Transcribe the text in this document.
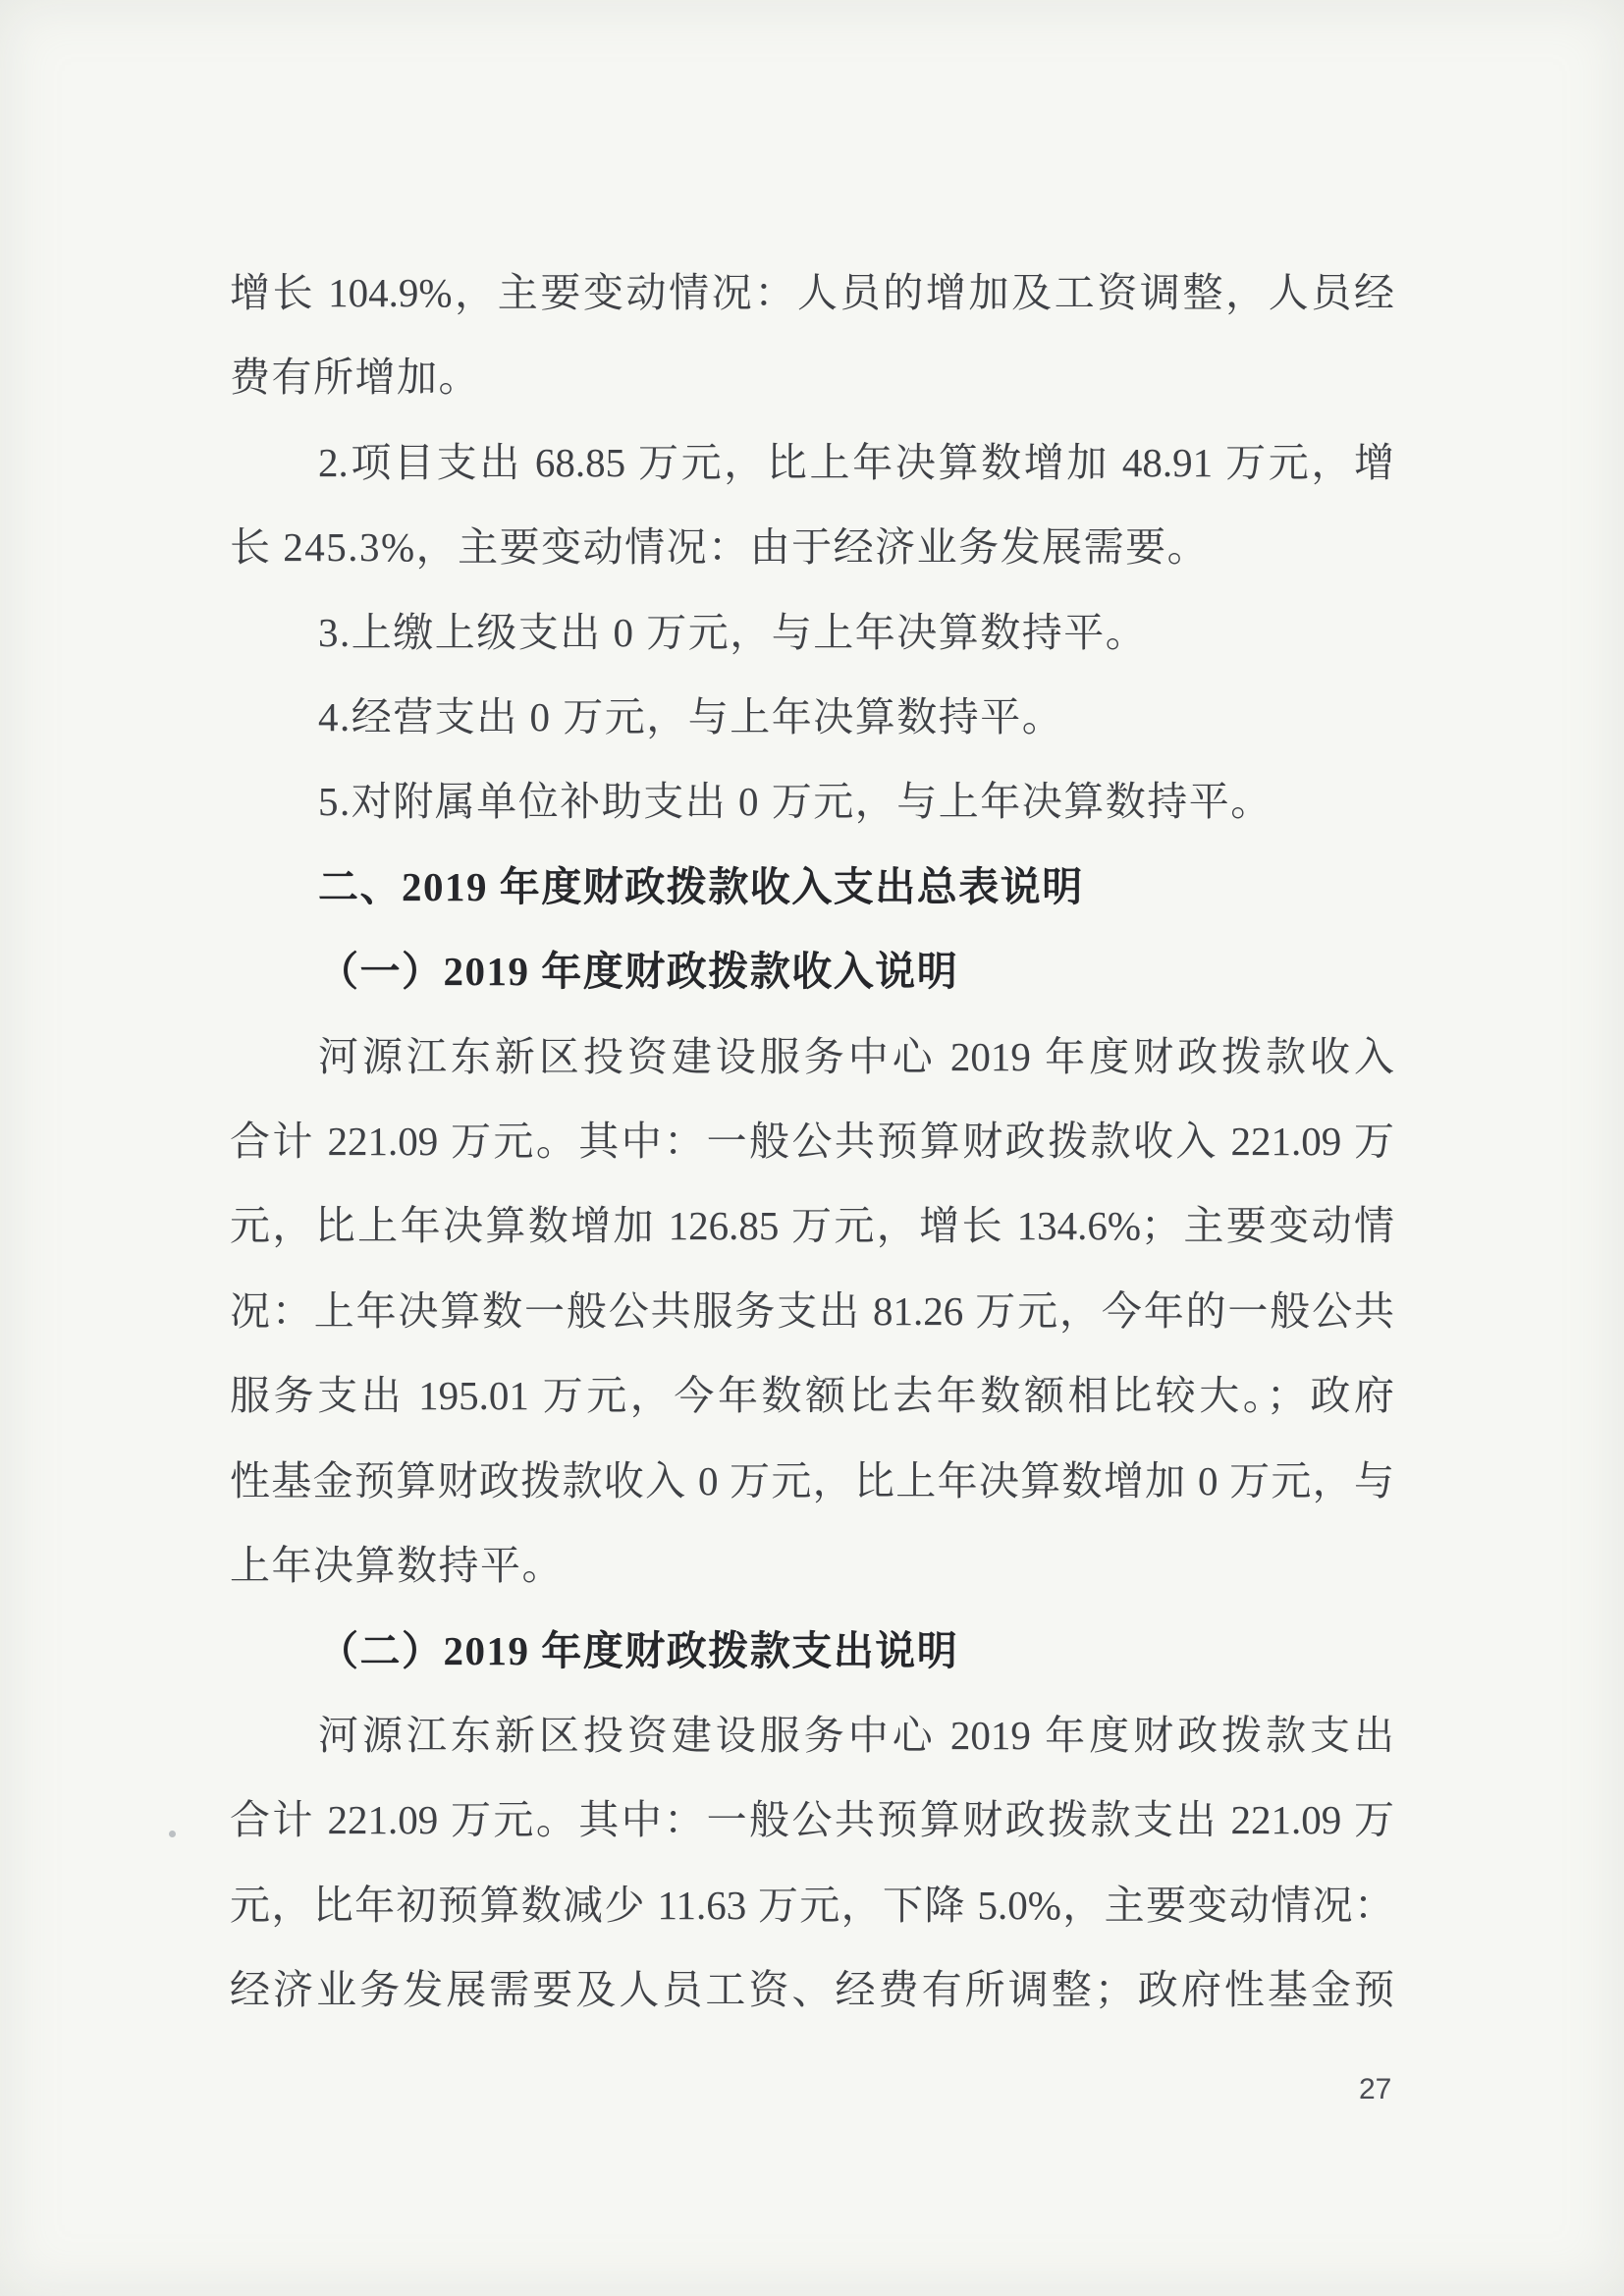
增长 104.9%，主要变动情况：人员的增加及工资调整，人员经
费有所增加。
2.项目支出 68.85 万元，比上年决算数增加 48.91 万元，增
长 245.3%，主要变动情况：由于经济业务发展需要。
3.上缴上级支出 0 万元，与上年决算数持平。
4.经营支出 0 万元，与上年决算数持平。
5.对附属单位补助支出 0 万元，与上年决算数持平。
二、2019 年度财政拨款收入支出总表说明
（一）2019 年度财政拨款收入说明
河源江东新区投资建设服务中心 2019 年度财政拨款收入
合计 221.09 万元。其中：一般公共预算财政拨款收入 221.09 万
元，比上年决算数增加 126.85 万元，增长 134.6%；主要变动情
况：上年决算数一般公共服务支出 81.26 万元，今年的一般公共
服务支出 195.01 万元，今年数额比去年数额相比较大。；政府
性基金预算财政拨款收入 0 万元，比上年决算数增加 0 万元，与
上年决算数持平。
（二）2019 年度财政拨款支出说明
河源江东新区投资建设服务中心 2019 年度财政拨款支出
合计 221.09 万元。其中：一般公共预算财政拨款支出 221.09 万
元，比年初预算数减少 11.63 万元，下降 5.0%，主要变动情况：
经济业务发展需要及人员工资、经费有所调整；政府性基金预
27
